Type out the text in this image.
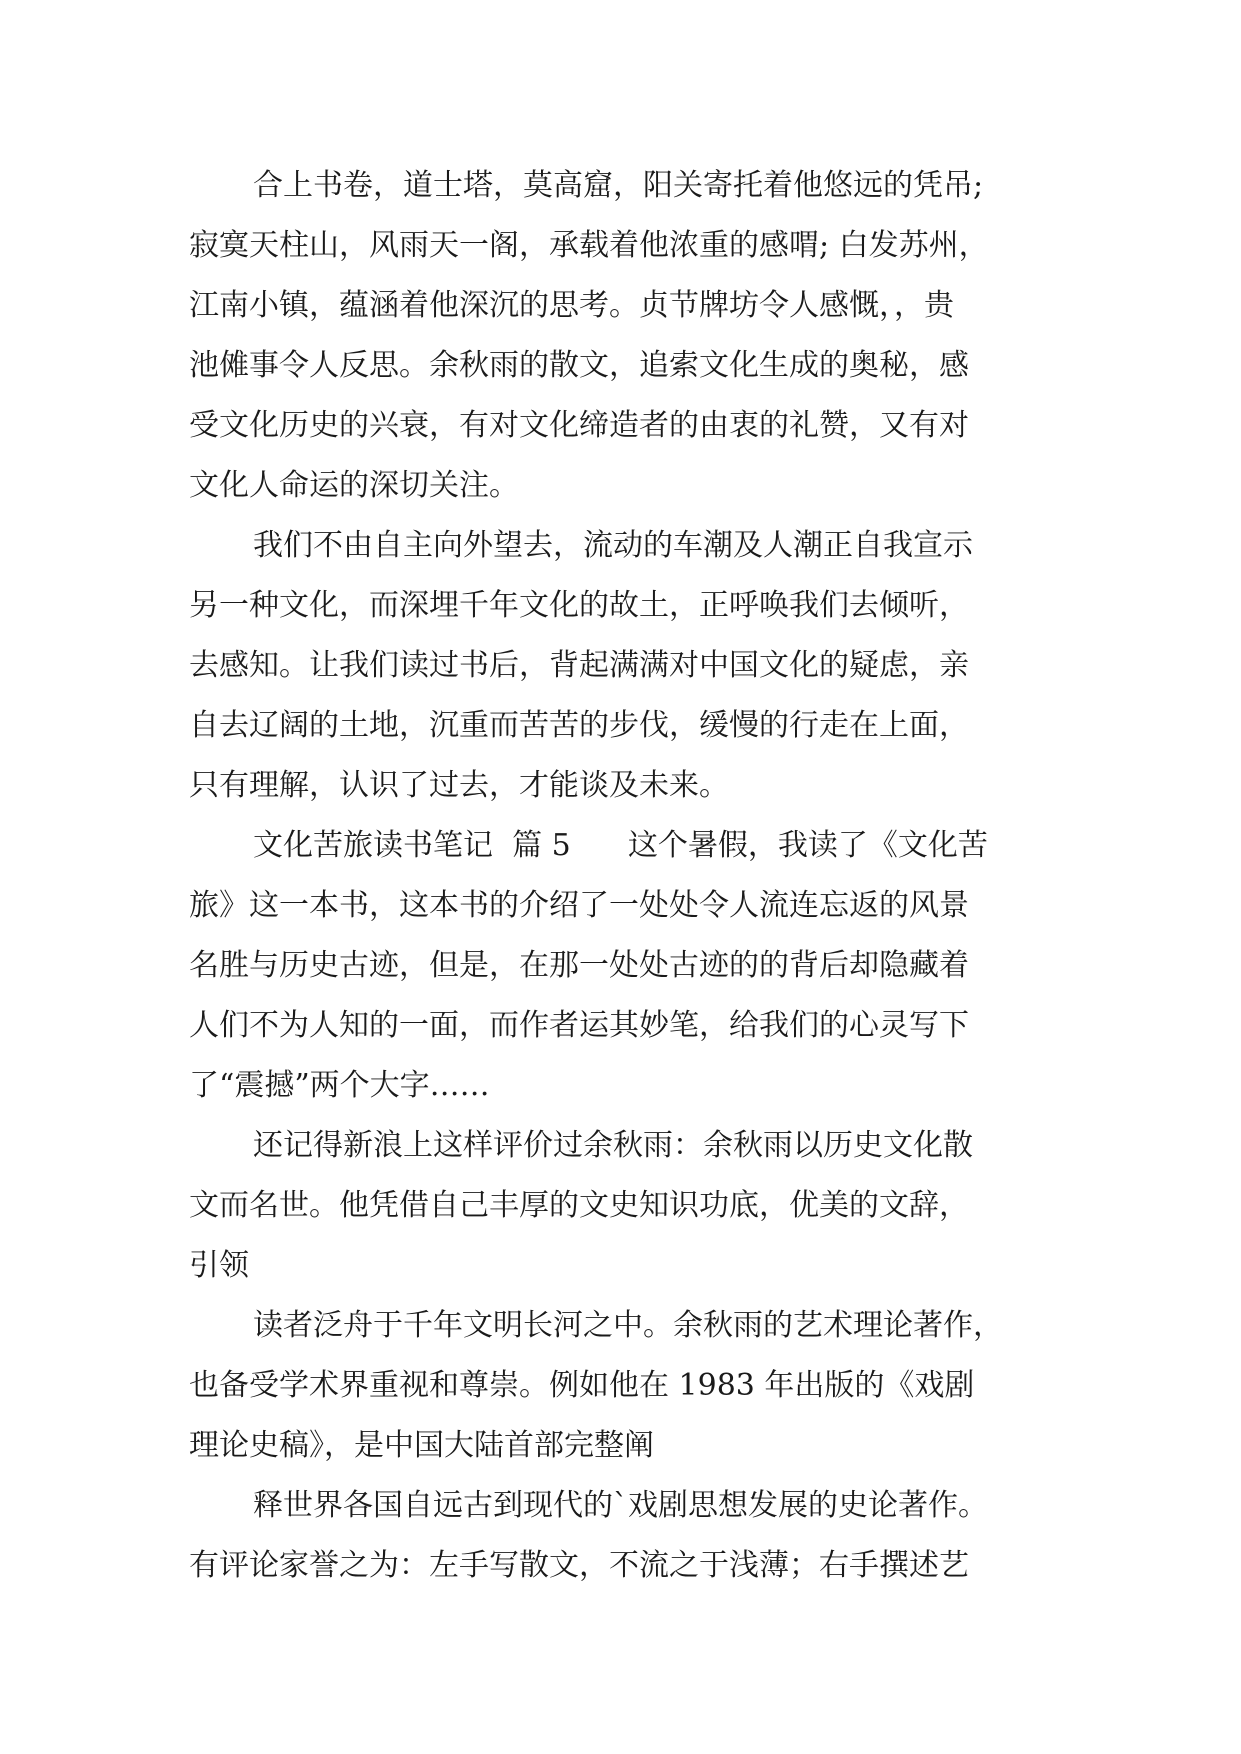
合上书卷，道士塔，莫高窟，阳关寄托着他悠远的凭吊;
寂寞天柱山，风雨天一阁，承载着他浓重的感喟; 白发苏州，
江南小镇，蕴涵着他深沉的思考。贞节牌坊令人感慨，，贵
池傩事令人反思。余秋雨的散文，追索文化生成的奥秘，感
受文化历史的兴衰，有对文化缔造者的由衷的礼赞，又有对
文化人命运的深切关注。
我们不由自主向外望去，流动的车潮及人潮正自我宣示
另一种文化，而深埋千年文化的故土，正呼唤我们去倾听，
去感知。让我们读过书后，背起满满对中国文化的疑虑，亲
自去辽阔的土地，沉重而苦苦的步伐，缓慢的行走在上面，
只有理解，认识了过去，才能谈及未来。
文化苦旅读书笔记  篇 5      这个暑假，我读了《文化苦
旅》这一本书，这本书的介绍了一处处令人流连忘返的风景
名胜与历史古迹，但是，在那一处处古迹的的背后却隐藏着
人们不为人知的一面，而作者运其妙笔，给我们的心灵写下
了“震撼”两个大字……
还记得新浪上这样评价过余秋雨：余秋雨以历史文化散
文而名世。他凭借自己丰厚的文史知识功底，优美的文辞，
引领
读者泛舟于千年文明长河之中。余秋雨的艺术理论著作，
也备受学术界重视和尊崇。例如他在 1983 年出版的《戏剧
理论史稿》，是中国大陆首部完整阐
释世界各国自远古到现代的`戏剧思想发展的史论著作。
有评论家誉之为：左手写散文，不流之于浅薄；右手撰述艺
